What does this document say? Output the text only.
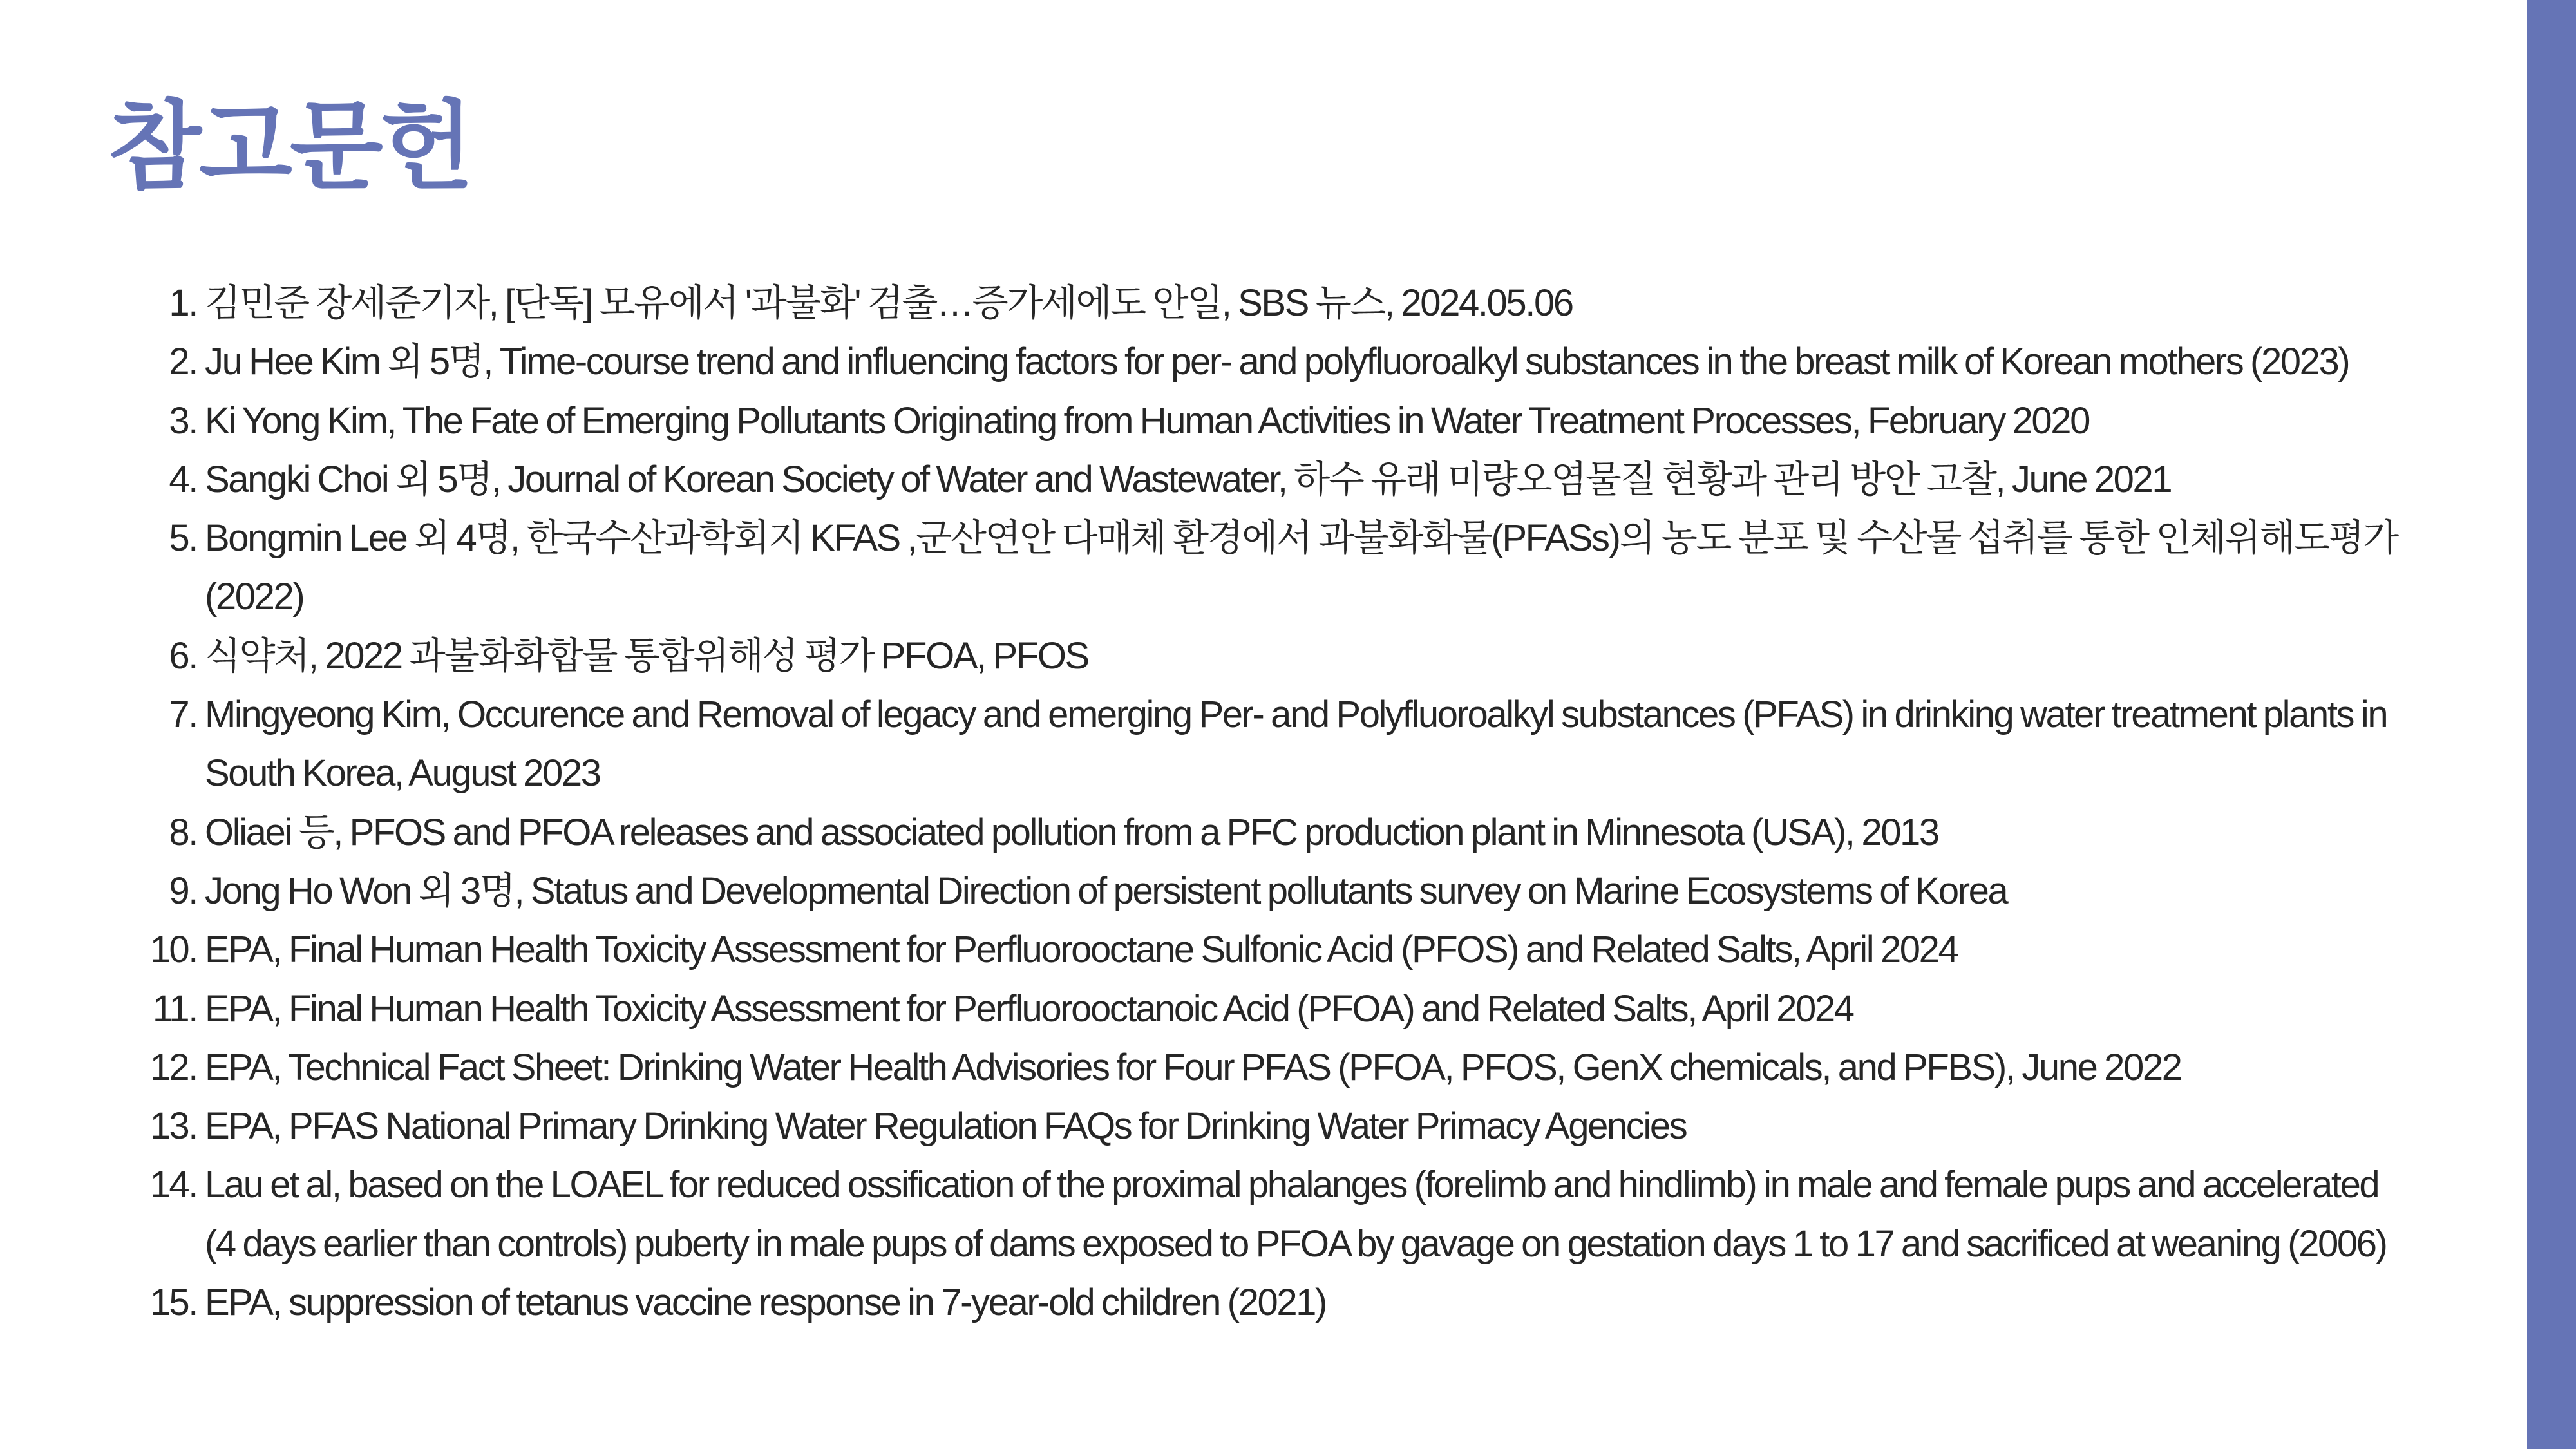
참고문헌
1. 김민준 장세준기자, [단독] 모유에서 '과불화' 검출…증가세에도 안일, SBS 뉴스, 2024.05.06
2. Ju Hee Kim 외 5명, Time-course trend and influencing factors for per- and polyfluoroalkyl substances in the breast milk of Korean mothers (2023)
3. Ki Yong Kim, The Fate of Emerging Pollutants Originating from Human Activities in Water Treatment Processes, February 2020
4. Sangki Choi 외 5명, Journal of Korean Society of Water and Wastewater, 하수 유래 미량오염물질 현황과 관리 방안 고찰, June 2021
5. Bongmin Lee 외 4명, 한국수산과학회지 KFAS ,군산연안 다매체 환경에서 과불화화물(PFASs)의 농도 분포 및 수산물 섭취를 통한 인체위해도평가 (2022)
6. 식약처, 2022 과불화화합물 통합위해성 평가 PFOA, PFOS
7. Mingyeong Kim, Occurence and Removal of legacy and emerging Per- and Polyfluoroalkyl substances (PFAS) in drinking water treatment plants in South Korea, August 2023
8. Oliaei 등, PFOS and PFOA releases and associated pollution from a PFC production plant in Minnesota (USA), 2013
9. Jong Ho Won 외 3명, Status and Developmental Direction of persistent pollutants survey on Marine Ecosystems of Korea
10. EPA, Final Human Health Toxicity Assessment for Perfluorooctane Sulfonic Acid (PFOS) and Related Salts, April 2024
11. EPA, Final Human Health Toxicity Assessment for Perfluorooctanoic Acid (PFOA) and Related Salts, April 2024
12. EPA, Technical Fact Sheet: Drinking Water Health Advisories for Four PFAS (PFOA, PFOS, GenX chemicals, and PFBS), June 2022
13. EPA, PFAS National Primary Drinking Water Regulation FAQs for Drinking Water Primacy Agencies
14. Lau et al, based on the LOAEL for reduced ossification of the proximal phalanges (forelimb and hindlimb) in male and female pups and accelerated (4 days earlier than controls) puberty in male pups of dams exposed to PFOA by gavage on gestation days 1 to 17 and sacrificed at weaning (2006)
15. EPA, suppression of tetanus vaccine response in 7-year-old children (2021)
